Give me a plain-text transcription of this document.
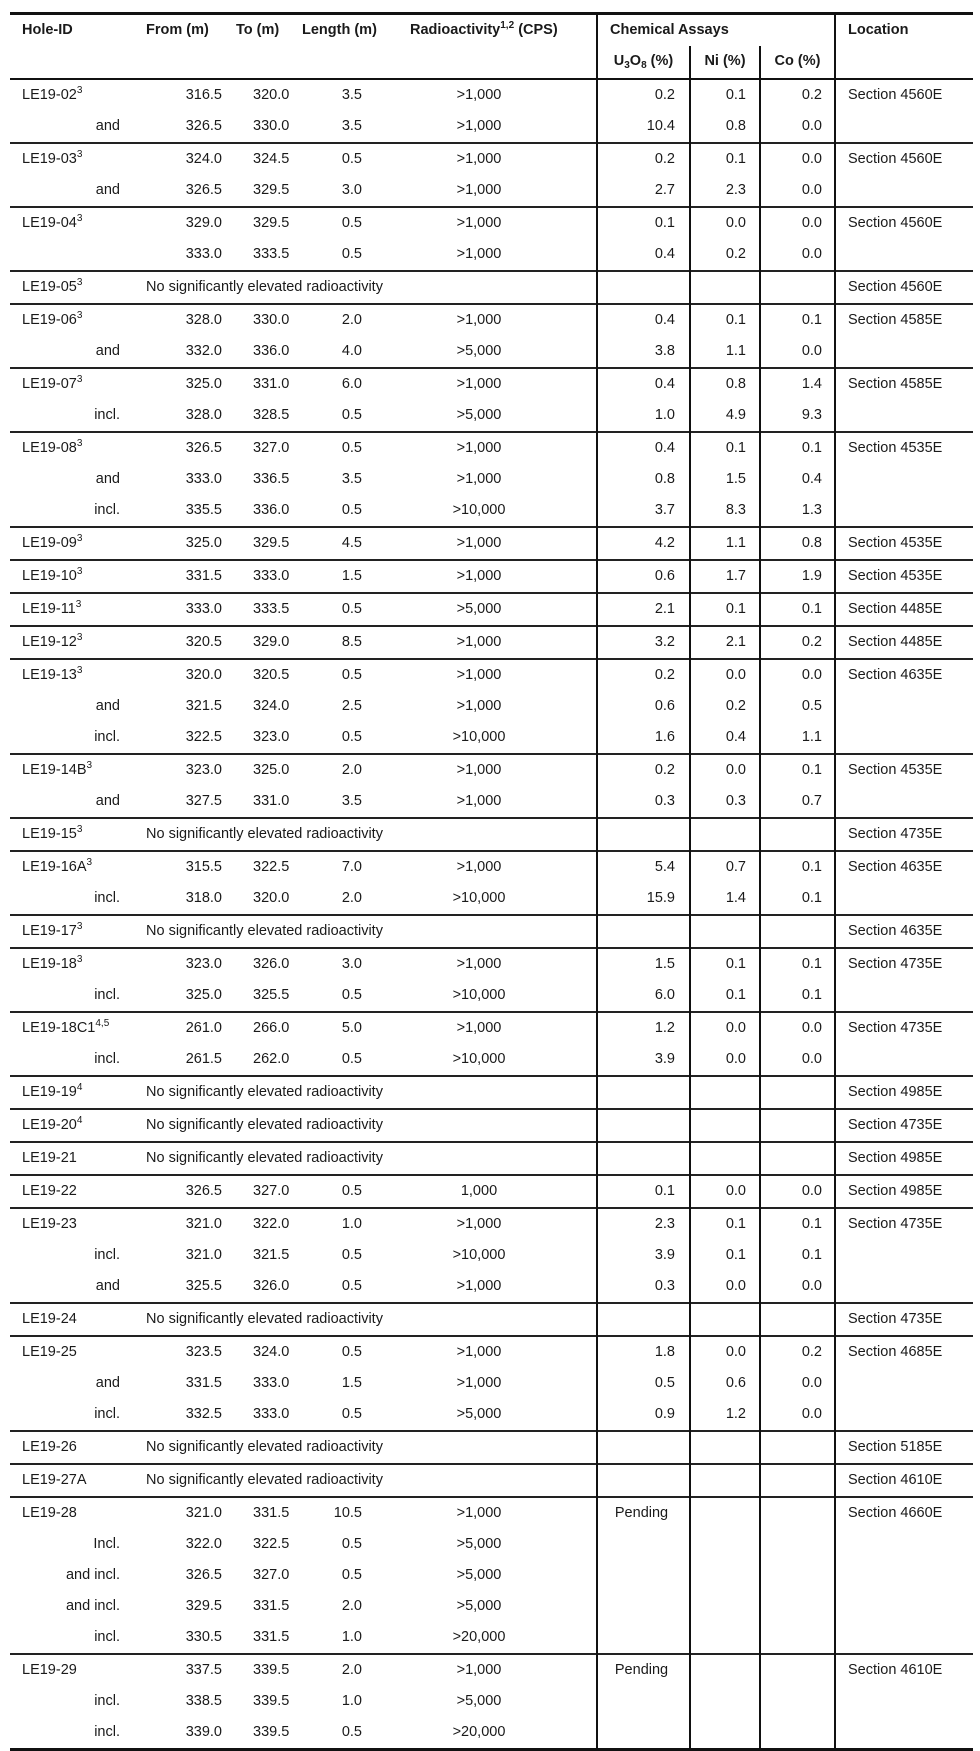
Hole-ID	From (m)	To (m)	Length (m)	Radioactivity$^{1,2}$ (CPS)	Chemical Assays			Location
					$U_3O_8$ (%)	Ni (%)	Co (%)	
$LE19-02^3$	316.5	320.0	3.5	>1,000	0.2	0.1	0.2	Section 4560E
and	326.5	330.0	3.5	>1,000	10.4	0.8	0.0	
$LE19-03^3$	324.0	324.5	0.5	>1,000	0.2	0.1	0.0	Section 4560E
and	326.5	329.5	3.0	>1,000	2.7	2.3	0.0	
$LE19-04^3$	329.0	329.5	0.5	>1,000	0.1	0.0	0.0	Section 4560E
	333.0	333.5	0.5	>1,000	0.4	0.2	0.0	
$LE19-05^3$	No significantly elevated radioactivity							Section 4560E
$LE19-06^3$	328.0	330.0	2.0	>1,000	0.4	0.1	0.1	Section 4585E
and	332.0	336.0	4.0	>5,000	3.8	1.1	0.0	
$LE19-07^3$	325.0	331.0	6.0	>1,000	0.4	0.8	1.4	Section 4585E
incl.	328.0	328.5	0.5	>5,000	1.0	4.9	9.3	
$LE19-08^3$	326.5	327.0	0.5	>1,000	0.4	0.1	0.1	Section 4535E
and	333.0	336.5	3.5	>1,000	0.8	1.5	0.4	
incl.	335.5	336.0	0.5	>10,000	3.7	8.3	1.3	
$LE19-09^3$	325.0	329.5	4.5	>1,000	4.2	1.1	0.8	Section 4535E
$LE19-10^3$	331.5	333.0	1.5	>1,000	0.6	1.7	1.9	Section 4535E
$LE19-11^3$	333.0	333.5	0.5	>5,000	2.1	0.1	0.1	Section 4485E
$LE19-12^3$	320.5	329.0	8.5	>1,000	3.2	2.1	0.2	Section 4485E
$LE19-13^3$	320.0	320.5	0.5	>1,000	0.2	0.0	0.0	Section 4635E
and	321.5	324.0	2.5	>1,000	0.6	0.2	0.5	
incl.	322.5	323.0	0.5	>10,000	1.6	0.4	1.1	
$LE19-14B^3$	323.0	325.0	2.0	>1,000	0.2	0.0	0.1	Section 4535E
and	327.5	331.0	3.5	>1,000	0.3	0.3	0.7	
$LE19-15^3$	No significantly elevated radioactivity							Section 4735E
$LE19-16A^3$	315.5	322.5	7.0	>1,000	5.4	0.7	0.1	Section 4635E
incl.	318.0	320.0	2.0	>10,000	15.9	1.4	0.1	
$LE19-17^3$	No significantly elevated radioactivity							Section 4635E
$LE19-18^3$	323.0	326.0	3.0	>1,000	1.5	0.1	0.1	Section 4735E
incl.	325.0	325.5	0.5	>10,000	6.0	0.1	0.1	
LE19-18C1$^{4,5}$	261.0	266.0	5.0	>1,000	1.2	0.0	0.0	Section 4735E
incl.	261.5	262.0	0.5	>10,000	3.9	0.0	0.0	
$LE19-19^4$	No significantly elevated radioactivity							Section 4985E
$LE19-20^4$	No significantly elevated radioactivity							Section 4735E
LE19-21	No significantly elevated radioactivity							Section 4985E
LE19-22	326.5	327.0	0.5	1,000	0.1	0.0	0.0	Section 4985E
LE19-23	321.0	322.0	1.0	>1,000	2.3	0.1	0.1	Section 4735E
incl.	321.0	321.5	0.5	>10,000	3.9	0.1	0.1	
and	325.5	326.0	0.5	>1,000	0.3	0.0	0.0	
LE19-24	No significantly elevated radioactivity							Section 4735E
LE19-25	323.5	324.0	0.5	>1,000	1.8	0.0	0.2	Section 4685E
and	331.5	333.0	1.5	>1,000	0.5	0.6	0.0	
incl.	332.5	333.0	0.5	>5,000	0.9	1.2	0.0	
LE19-26	No significantly elevated radioactivity							Section 5185E
LE19-27A	No significantly elevated radioactivity							Section 4610E
LE19-28	321.0	331.5	10.5	>1,000	Pending			Section 4660E
Incl.	322.0	322.5	0.5	>5,000				
and incl.	326.5	327.0	0.5	>5,000				
and incl.	329.5	331.5	2.0	>5,000				
incl.	330.5	331.5	1.0	>20,000				
LE19-29	337.5	339.5	2.0	>1,000	Pending			Section 4610E
incl.	338.5	339.5	1.0	>5,000				
incl.	339.0	339.5	0.5	>20,000				
